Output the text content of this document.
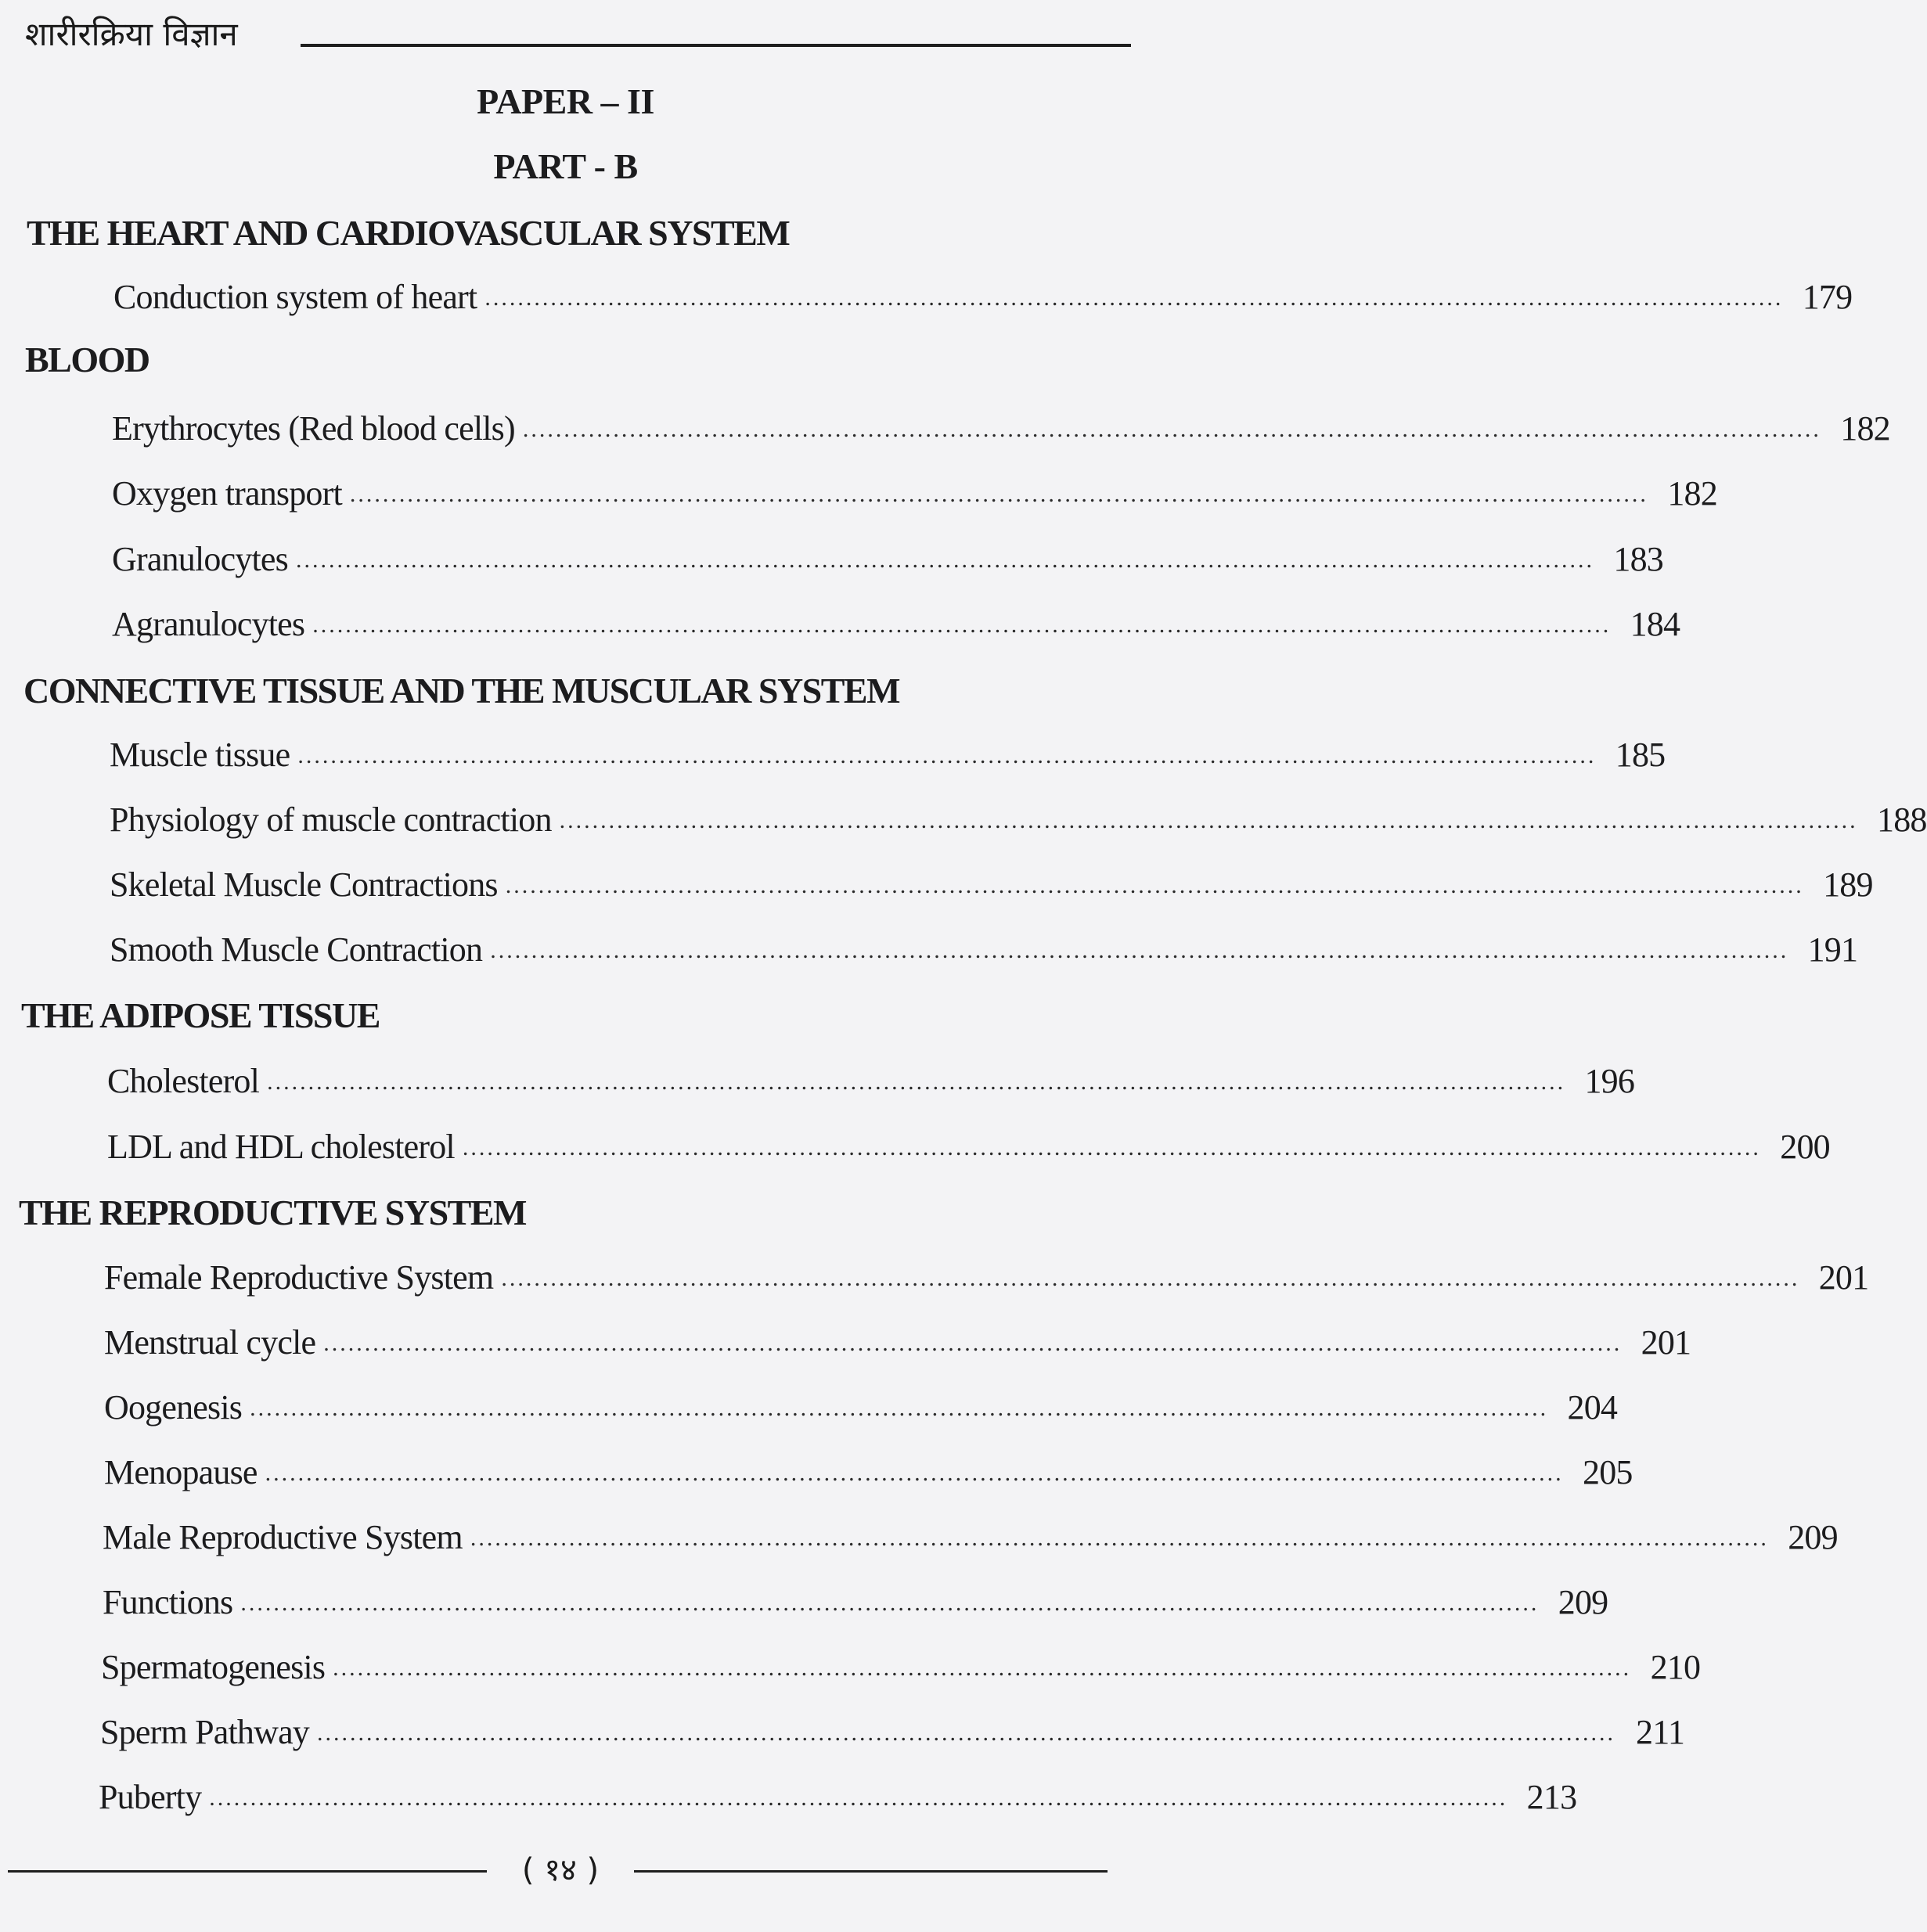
शारीरक्रिया विज्ञान
PAPER – II
PART - B
THE HEART AND CARDIOVASCULAR SYSTEM
Conduction system of heart .............................................................................................................................................................. 179
BLOOD
Erythrocytes (Red blood cells) .............................................................................................................................................................. 182
Oxygen transport .............................................................................................................................................................. 182
Granulocytes .............................................................................................................................................................. 183
Agranulocytes .............................................................................................................................................................. 184
CONNECTIVE TISSUE AND THE MUSCULAR SYSTEM
Muscle tissue .............................................................................................................................................................. 185
Physiology of muscle contraction .............................................................................................................................................................. 188
Skeletal Muscle Contractions .............................................................................................................................................................. 189
Smooth Muscle Contraction .............................................................................................................................................................. 191
THE ADIPOSE TISSUE
Cholesterol .............................................................................................................................................................. 196
LDL and HDL cholesterol .............................................................................................................................................................. 200
THE REPRODUCTIVE SYSTEM
Female Reproductive System .............................................................................................................................................................. 201
Menstrual cycle .............................................................................................................................................................. 201
Oogenesis .............................................................................................................................................................. 204
Menopause .............................................................................................................................................................. 205
Male Reproductive System .............................................................................................................................................................. 209
Functions .............................................................................................................................................................. 209
Spermatogenesis .............................................................................................................................................................. 210
Sperm Pathway .............................................................................................................................................................. 211
Puberty .............................................................................................................................................................. 213
( १४ )
